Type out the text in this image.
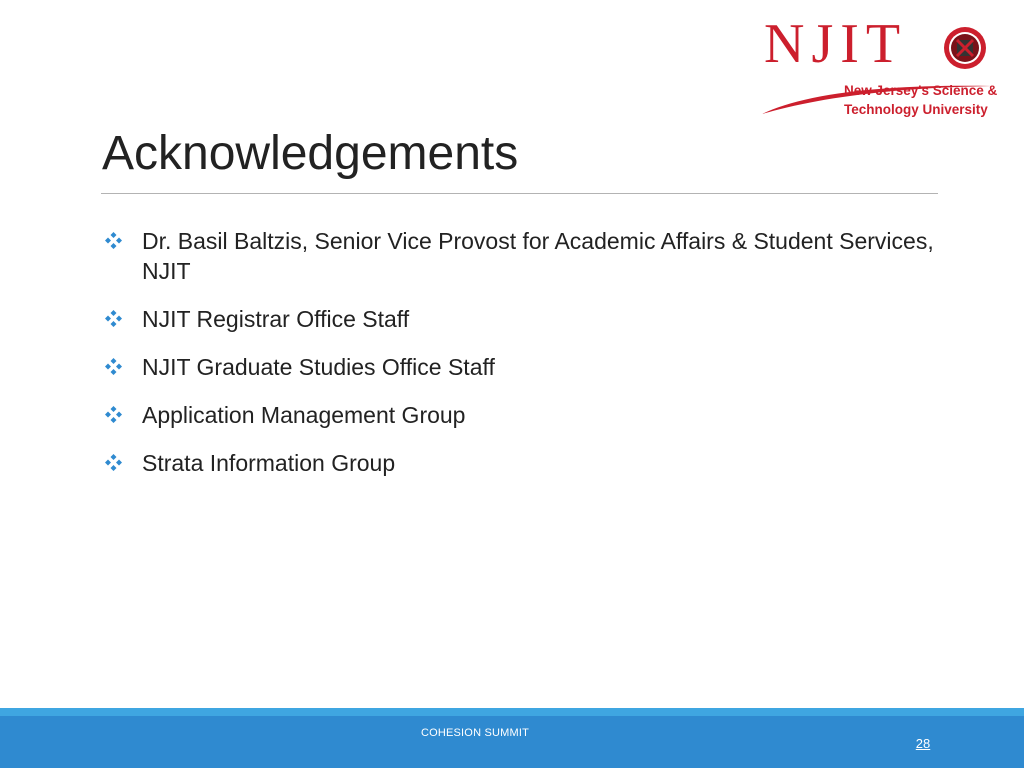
NJIT
New Jersey's Science &
Technology University
Acknowledgements
Dr. Basil Baltzis, Senior Vice Provost for Academic Affairs & Student Services, NJIT
NJIT Registrar Office Staff
NJIT Graduate Studies Office Staff
Application Management Group
Strata Information Group
COHESION SUMMIT
28
